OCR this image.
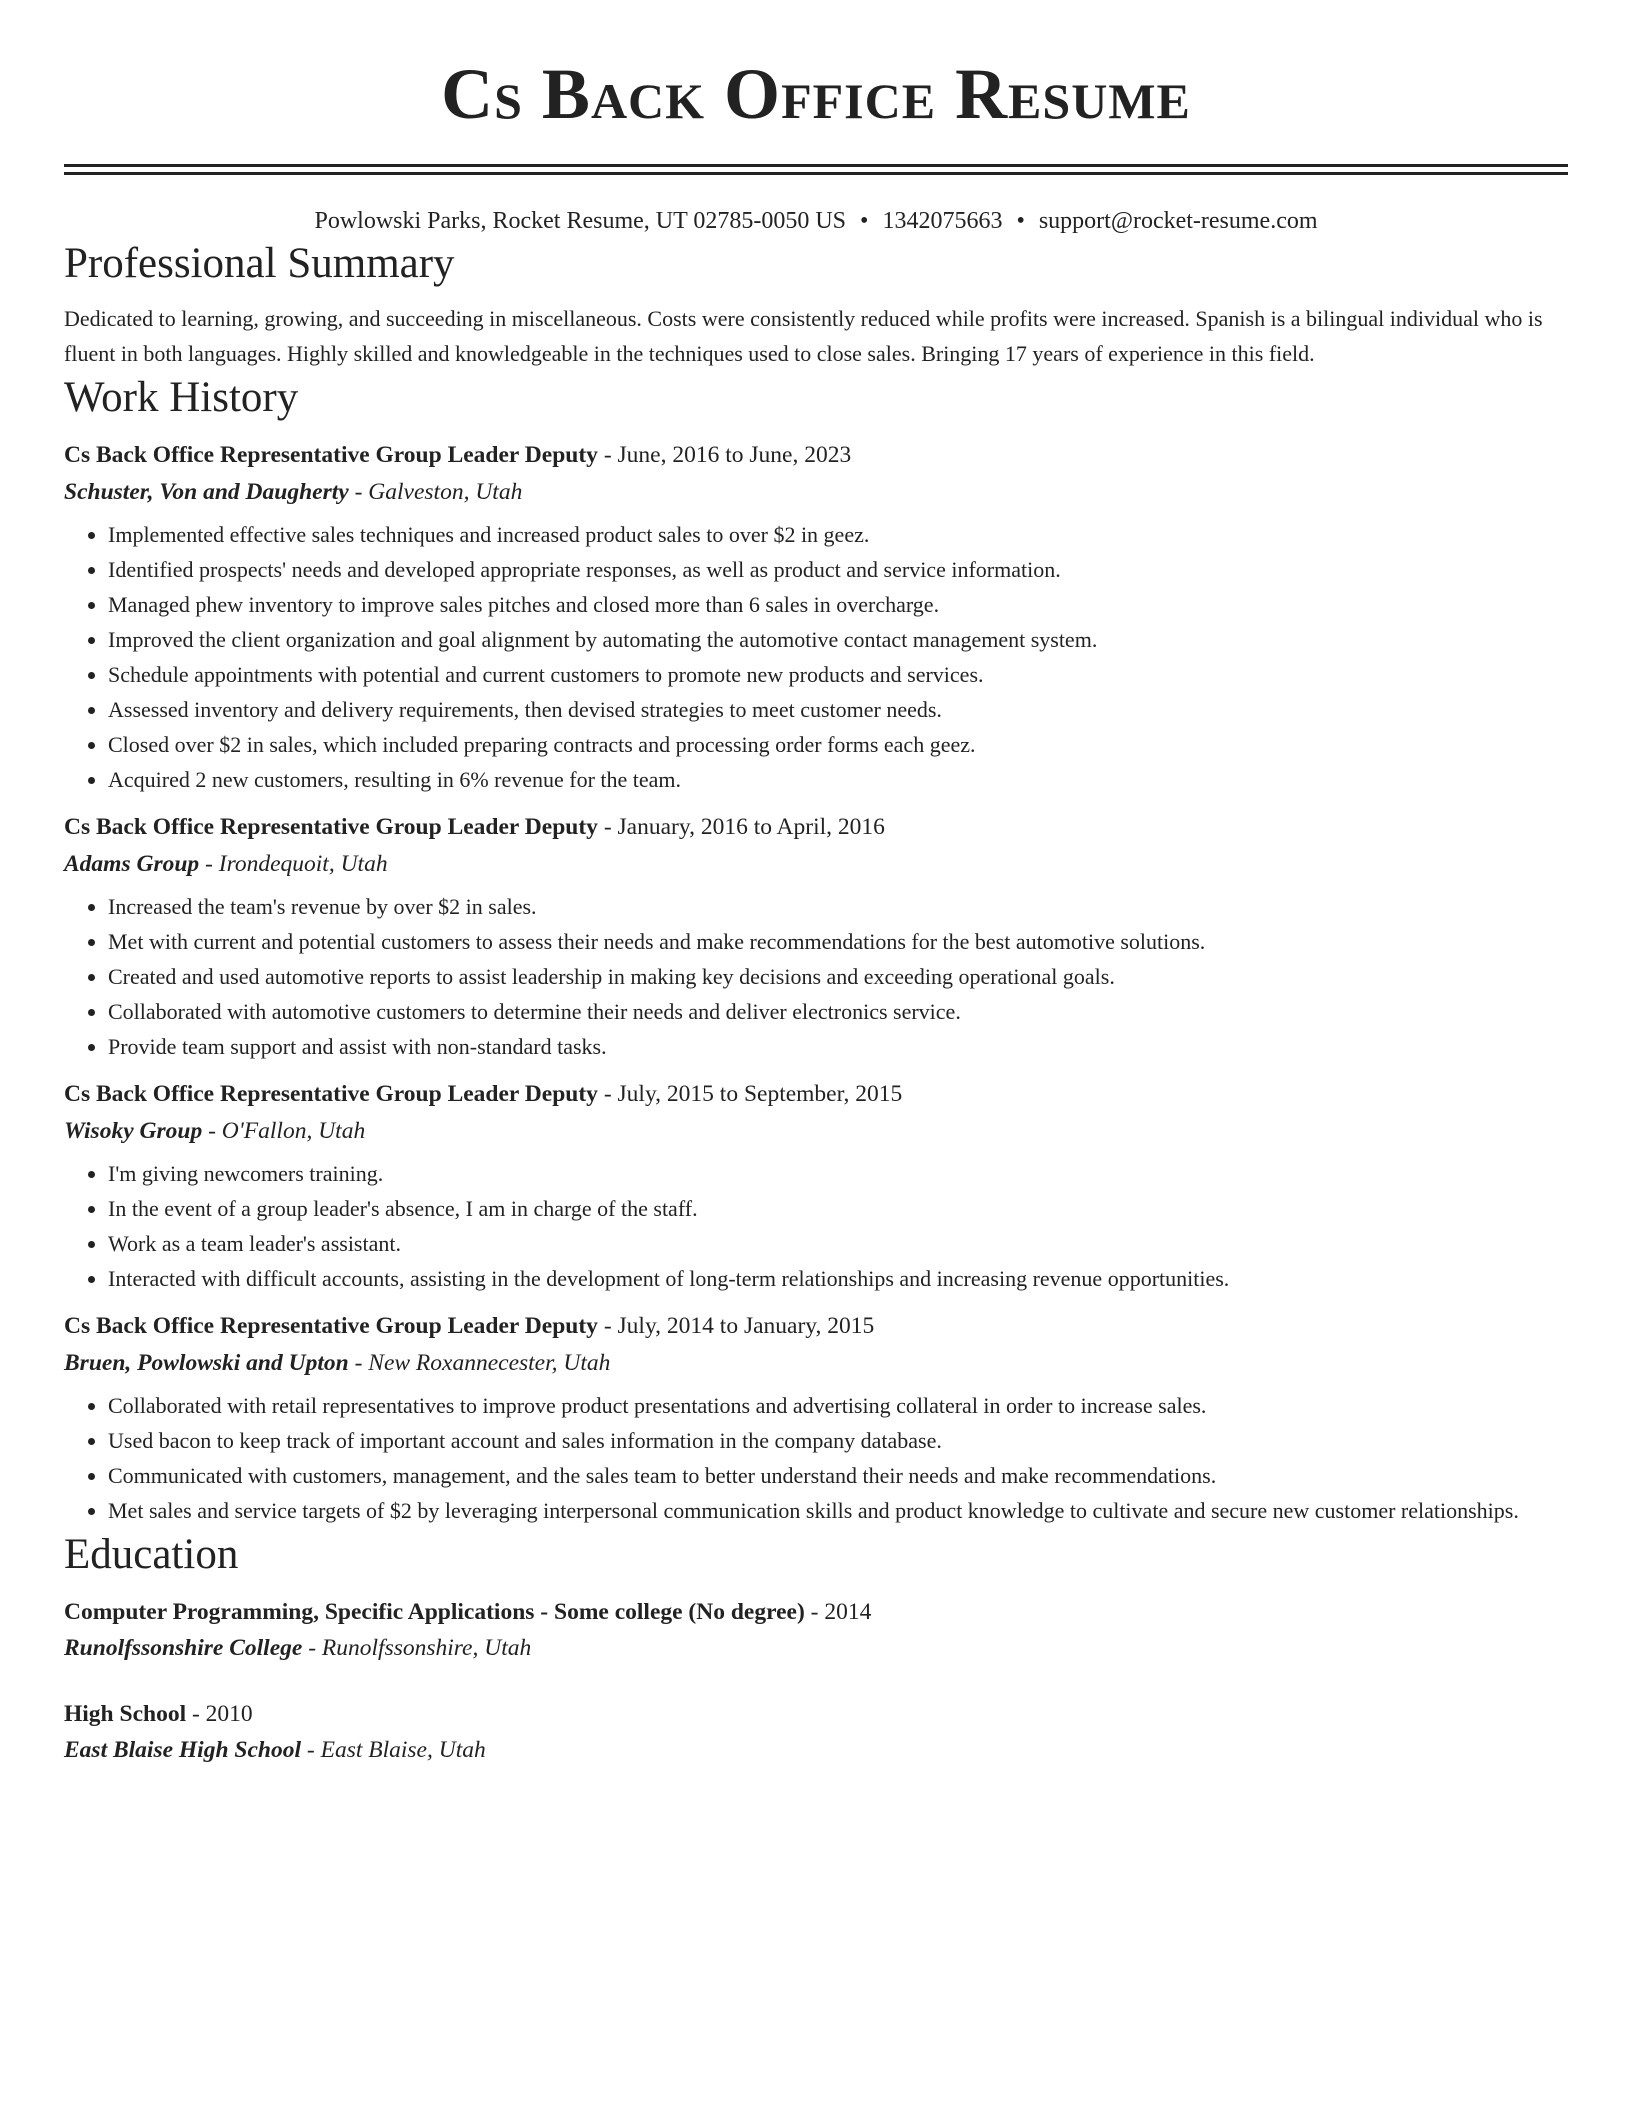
Cs Back Office Resume
Powlowski Parks, Rocket Resume, UT 02785-0050 US • 1342075663 • support@rocket-resume.com
Professional Summary

Dedicated to learning, growing, and succeeding in miscellaneous. Costs were consistently reduced while profits were increased. Spanish is a bilingual individual who is fluent in both languages. Highly skilled and knowledgeable in the techniques used to close sales. Bringing 17 years of experience in this field.

Work History
Cs Back Office Representative Group Leader Deputy - June, 2016 to June, 2023
Schuster, Von and Daugherty - Galveston, Utah
• Implemented effective sales techniques and increased product sales to over $2 in geez.
• Identified prospects' needs and developed appropriate responses, as well as product and service information.
• Managed phew inventory to improve sales pitches and closed more than 6 sales in overcharge.
• Improved the client organization and goal alignment by automating the automotive contact management system.
• Schedule appointments with potential and current customers to promote new products and services.
• Assessed inventory and delivery requirements, then devised strategies to meet customer needs.
• Closed over $2 in sales, which included preparing contracts and processing order forms each geez.
• Acquired 2 new customers, resulting in 6% revenue for the team.
Cs Back Office Representative Group Leader Deputy - January, 2016 to April, 2016
Adams Group - Irondequoit, Utah
• Increased the team's revenue by over $2 in sales.
• Met with current and potential customers to assess their needs and make recommendations for the best automotive solutions.
• Created and used automotive reports to assist leadership in making key decisions and exceeding operational goals.
• Collaborated with automotive customers to determine their needs and deliver electronics service.
• Provide team support and assist with non-standard tasks.
Cs Back Office Representative Group Leader Deputy - July, 2015 to September, 2015
Wisoky Group - O'Fallon, Utah
• I'm giving newcomers training.
• In the event of a group leader's absence, I am in charge of the staff.
• Work as a team leader's assistant.
• Interacted with difficult accounts, assisting in the development of long-term relationships and increasing revenue opportunities.
Cs Back Office Representative Group Leader Deputy - July, 2014 to January, 2015
Bruen, Powlowski and Upton - New Roxannecester, Utah
• Collaborated with retail representatives to improve product presentations and advertising collateral in order to increase sales.
• Used bacon to keep track of important account and sales information in the company database.
• Communicated with customers, management, and the sales team to better understand their needs and make recommendations.
• Met sales and service targets of $2 by leveraging interpersonal communication skills and product knowledge to cultivate and secure new customer relationships.
Education
Computer Programming, Specific Applications - Some college (No degree) - 2014
Runolfssonshire College - Runolfssonshire, Utah
High School - 2010
East Blaise High School - East Blaise, Utah
